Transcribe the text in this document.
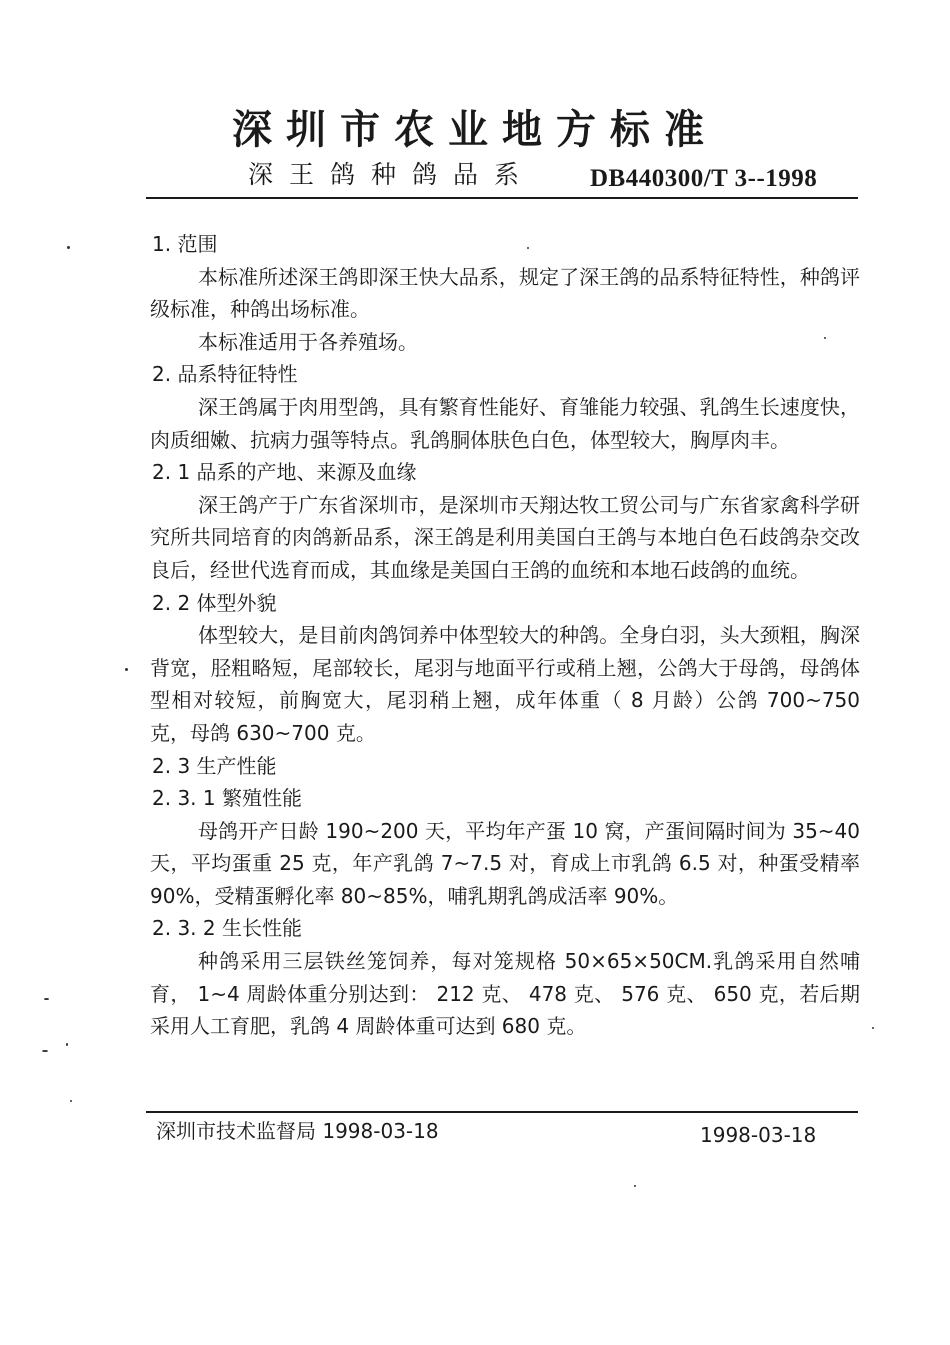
深圳市农业地方标准
深王鸽种鸽品系 DB440300/T 3--1998

1. 范围

本标准所述深王鸽即深王快大品系，规定了深王鸽的品系特征特性，种鸽评级标准，种鸽出场标准。

本标准适用于各养殖场。

2. 品系特征特性

深王鸽属于肉用型鸽，具有繁育性能好、育雏能力较强、乳鸽生长速度快，肉质细嫩、抗病力强等特点。乳鸽胴体肤色白色，体型较大，胸厚肉丰。

2. 1 品系的产地、来源及血缘

深王鸽产于广东省深圳市，是深圳市天翔达牧工贸公司与广东省家禽科学研究所共同培育的肉鸽新品系，深王鸽是利用美国白王鸽与本地白色石歧鸽杂交改良后，经世代选育而成，其血缘是美国白王鸽的血统和本地石歧鸽的血统。

2. 2 体型外貌

体型较大，是目前肉鸽饲养中体型较大的种鸽。全身白羽，头大颈粗，胸深背宽，胫粗略短，尾部较长，尾羽与地面平行或稍上翘，公鸽大于母鸽，母鸽体型相对较短，前胸宽大，尾羽稍上翘，成年体重（ 8 月龄）公鸽 700~750 克，母鸽 630~700 克。

2. 3 生产性能

2. 3. 1 繁殖性能

母鸽开产日龄 190~200 天，平均年产蛋 10 窝，产蛋间隔时间为 35~40 天，平均蛋重 25 克，年产乳鸽 7~7.5 对，育成上市乳鸽 6.5 对，种蛋受精率 90%，受精蛋孵化率 80~85%，哺乳期乳鸽成活率 90%。

2. 3. 2 生长性能

种鸽采用三层铁丝笼饲养，每对笼规格 50×65×50CM.乳鸽采用自然哺育， 1~4 周龄体重分别达到： 212 克、 478 克、 576 克、 650 克，若后期采用人工育肥，乳鸽 4 周龄体重可达到 680 克。

深圳市技术监督局 1998-03-18	1998-03-18
